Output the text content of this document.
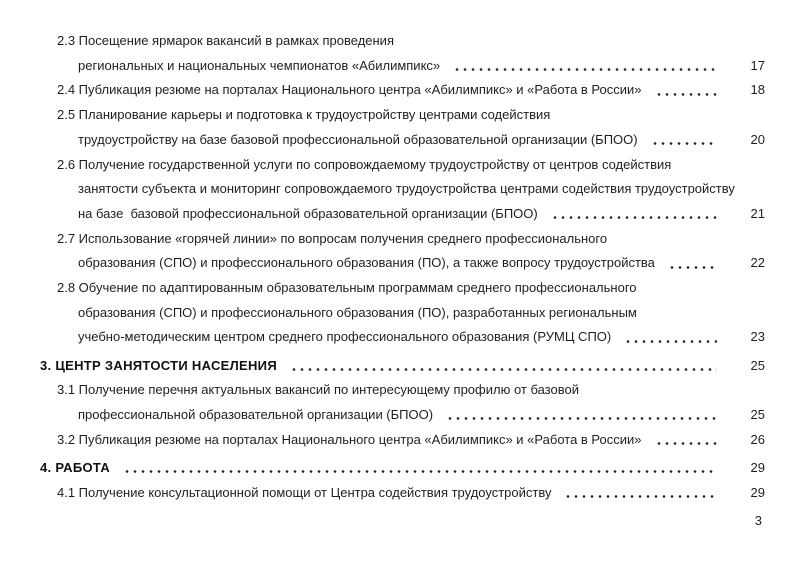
2.3 Посещение ярмарок вакансий в рамках проведения
региональных и национальных чемпионатов «Абилимпикс»	17
2.4 Публикация резюме на порталах Национального центра «Абилимпикс» и «Работа в России»	18
2.5 Планирование карьеры и подготовка к трудоустройству центрами содействия
трудоустройству на базе базовой профессиональной образовательной организации (БПОО)	20
2.6 Получение государственной услуги по сопровождаемому трудоустройству от центров содействия
занятости субъекта и мониторинг сопровождаемого трудоустройства центрами содействия трудоустройству
на базе  базовой профессиональной образовательной организации (БПОО)	21
2.7 Использование «горячей линии» по вопросам получения среднего профессионального
образования (СПО) и профессионального образования (ПО), а также вопросу трудоустройства	22
2.8 Обучение по адаптированным образовательным программам среднего профессионального
образования (СПО) и профессионального образования (ПО), разработанных региональным
учебно-методическим центром среднего профессионального образования (РУМЦ СПО)	23
3. ЦЕНТР ЗАНЯТОСТИ НАСЕЛЕНИЯ	25
3.1 Получение перечня актуальных вакансий по интересующему профилю от базовой
профессиональной образовательной организации (БПОО)	25
3.2 Публикация резюме на порталах Национального центра «Абилимпикс» и «Работа в России»	26
4. РАБОТА	29
4.1 Получение консультационной помощи от Центра содействия трудоустройству	29
3
